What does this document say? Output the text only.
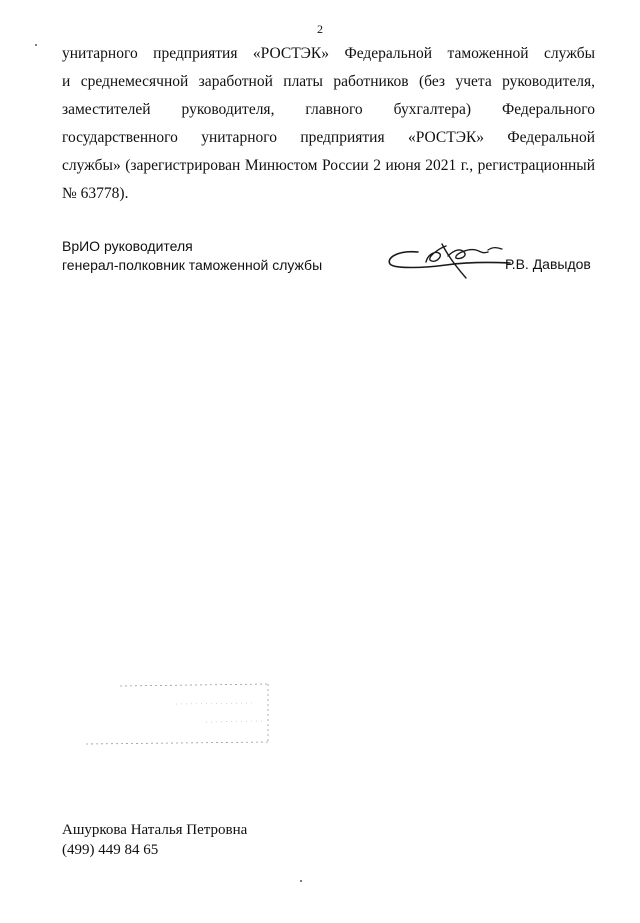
2
унитарного предприятия «РОСТЭК» Федеральной таможенной службы
и среднемесячной заработной платы работников (без учета руководителя,
заместителей руководителя, главного бухгалтера) Федерального
государственного унитарного предприятия «РОСТЭК» Федеральной
службы» (зарегистрирован Минюстом России 2 июня 2021 г., регистрационный
№ 63778).
ВрИО руководителя
генерал-полковник таможенной службы	Р.В. Давыдов
Ашуркова Наталья Петровна
(499) 449 84 65
